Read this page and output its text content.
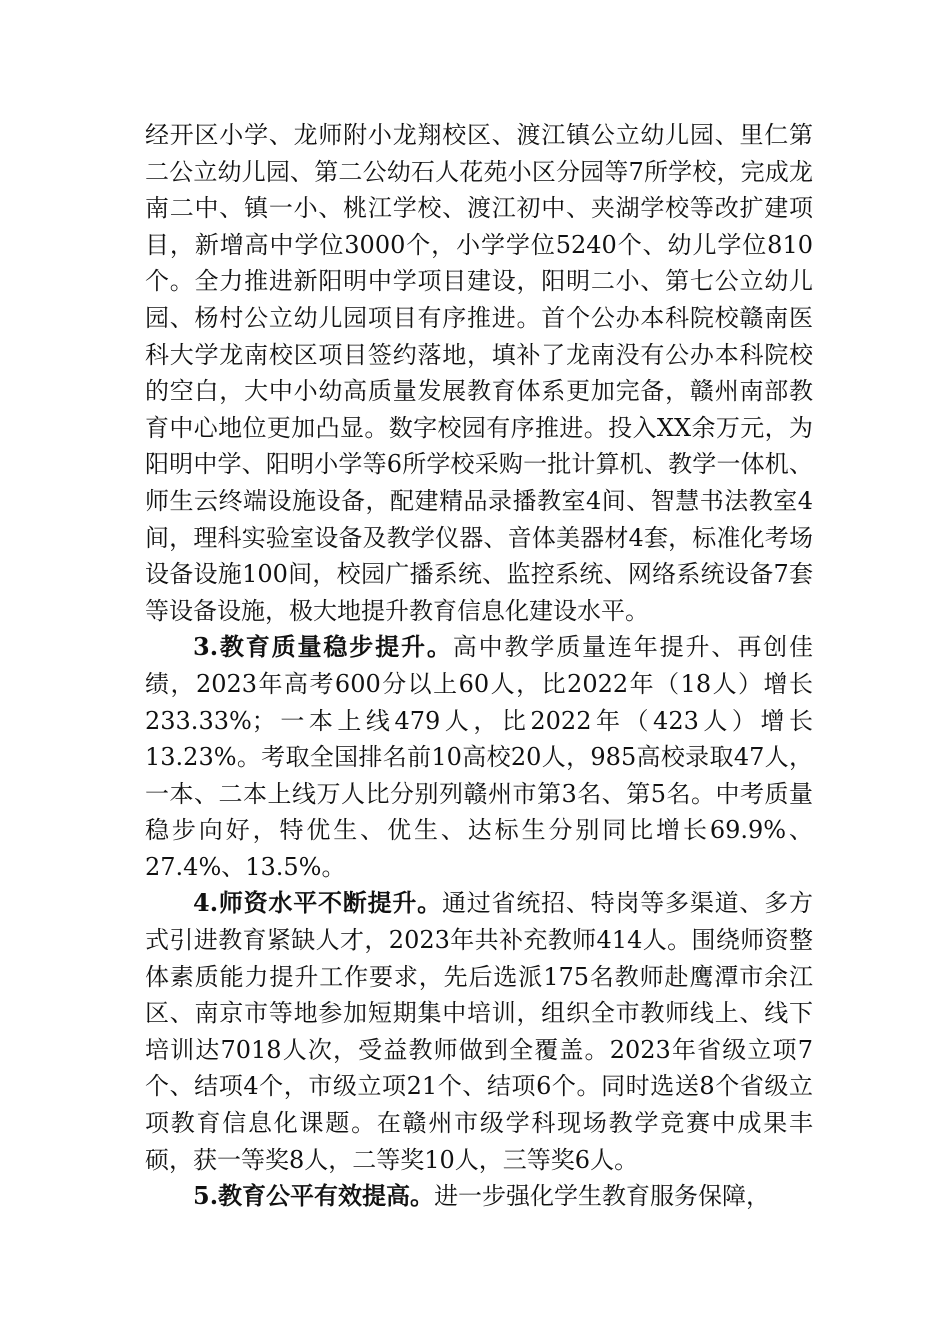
经开区小学、龙师附小龙翔校区、渡江镇公立幼儿园、里仁第二公立幼儿园、第二公幼石人花苑小区分园等7所学校，完成龙南二中、镇一小、桃江学校、渡江初中、夹湖学校等改扩建项目，新增高中学位3000个，小学学位5240个、幼儿学位810个。全力推进新阳明中学项目建设，阳明二小、第七公立幼儿园、杨村公立幼儿园项目有序推进。首个公办本科院校赣南医科大学龙南校区项目签约落地，填补了龙南没有公办本科院校的空白，大中小幼高质量发展教育体系更加完备，赣州南部教育中心地位更加凸显。数字校园有序推进。投入XX余万元，为阳明中学、阳明小学等6所学校采购一批计算机、教学一体机、师生云终端设施设备，配建精品录播教室4间、智慧书法教室4间，理科实验室设备及教学仪器、音体美器材4套，标准化考场设备设施100间，校园广播系统、监控系统、网络系统设备7套等设备设施，极大地提升教育信息化建设水平。

3.教育质量稳步提升。高中教学质量连年提升、再创佳绩，2023年高考600分以上60人，比2022年（18人）增长233.33%；一本上线479人，比2022年（423人）增长13.23%。考取全国排名前10高校20人，985高校录取47人，一本、二本上线万人比分别列赣州市第3名、第5名。中考质量稳步向好，特优生、优生、达标生分别同比增长69.9%、27.4%、13.5%。

4.师资水平不断提升。通过省统招、特岗等多渠道、多方式引进教育紧缺人才，2023年共补充教师414人。围绕师资整体素质能力提升工作要求，先后选派175名教师赴鹰潭市余江区、南京市等地参加短期集中培训，组织全市教师线上、线下培训达7018人次，受益教师做到全覆盖。2023年省级立项7个、结项4个，市级立项21个、结项6个。同时选送8个省级立项教育信息化课题。在赣州市级学科现场教学竞赛中成果丰硕，获一等奖8人，二等奖10人，三等奖6人。

5.教育公平有效提高。进一步强化学生教育服务保障，
